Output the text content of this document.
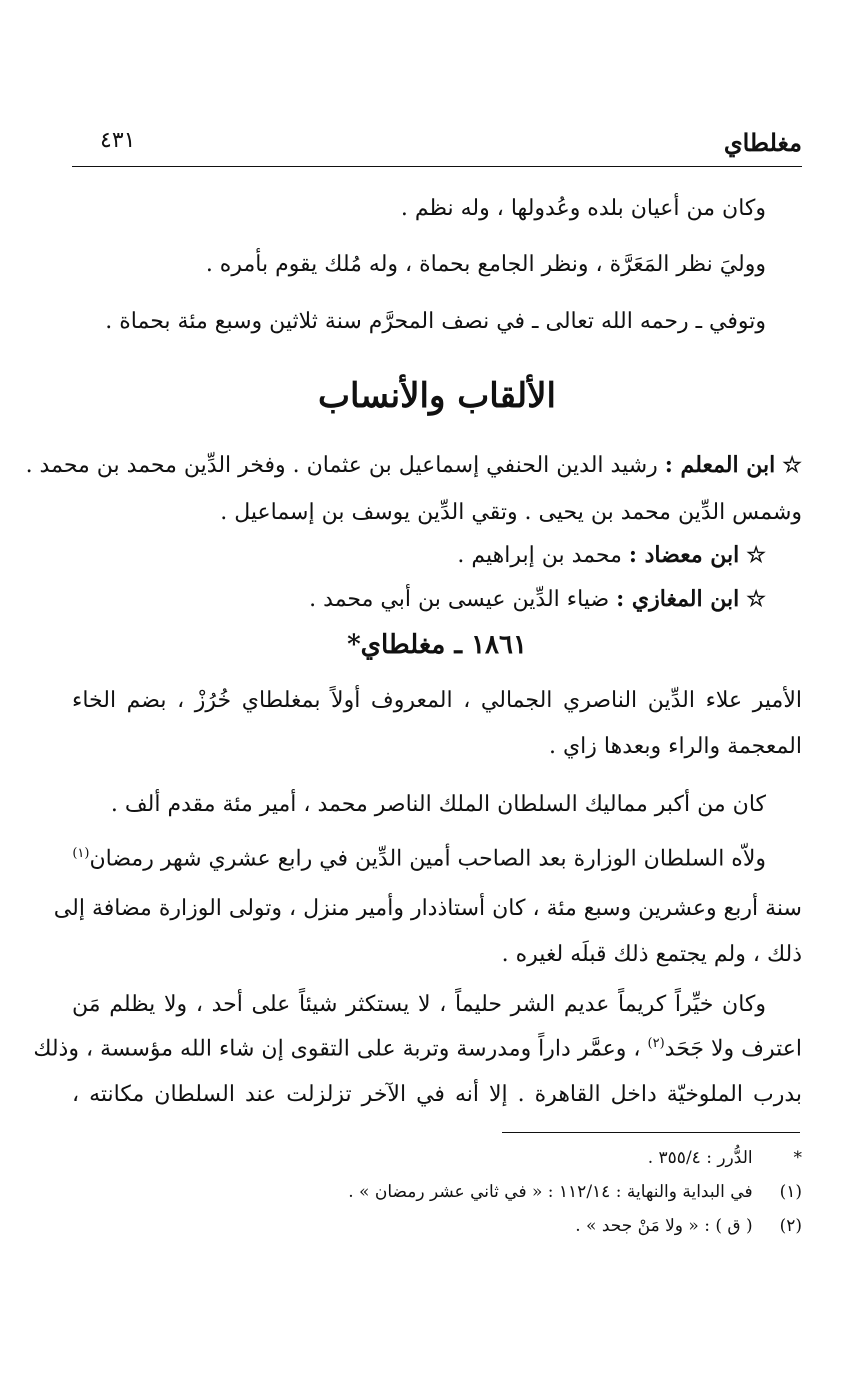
مغلطاي
٤٣١
وكان من أعيان بلده وعُدولها ، وله نظم .
ووليَ نظر المَعَرَّة ، ونظر الجامع بحماة ، وله مُلك يقوم بأمره .
وتوفي ـ رحمه الله تعالى ـ في نصف المحرَّم سنة ثلاثين وسبع مئة بحماة .
الألقاب والأنساب
☆ ابن المعلم : رشيد الدين الحنفي إسماعيل بن عثمان . وفخر الدِّين محمد بن محمد .
وشمس الدِّين محمد بن يحيى . وتقي الدِّين يوسف بن إسماعيل .
☆ ابن معضاد : محمد بن إبراهيم .
☆ ابن المغازي : ضياء الدِّين عيسى بن أبي محمد .
١٨٦١ ـ مغلطاي*
الأمير علاء الدِّين الناصري الجمالي ، المعروف أولاً بمغلطاي خُرُزْ ، بضم الخاء
المعجمة والراء وبعدها زاي .
كان من أكبر مماليك السلطان الملك الناصر محمد ، أمير مئة مقدم ألف .
ولاّه السلطان الوزارة بعد الصاحب أمين الدِّين في رابع عشري شهر رمضان$^{(١)}$
سنة أربع وعشرين وسبع مئة ، كان أستاذدار وأمير منزل ، وتولى الوزارة مضافة إلى
ذلك ، ولم يجتمع ذلك قبلَه لغيره .
وكان خيِّراً كريماً عديم الشر حليماً ، لا يستكثر شيئاً على أحد ، ولا يظلم مَن
اعترف ولا جَحَد$^{(٢)}$ ، وعمَّر داراً ومدرسة وتربة على التقوى إن شاء الله مؤسسة ، وذلك
بدرب الملوخيّة داخل القاهرة . إلا أنه في الآخر تزلزلت عند السلطان مكانته ،
* الدُّرر : ٣٥٥/٤ .
(١) في البداية والنهاية : ١١٢/١٤ : « في ثاني عشر رمضان » .
(٢) ( ق ) : « ولا مَنْ جحد » .
